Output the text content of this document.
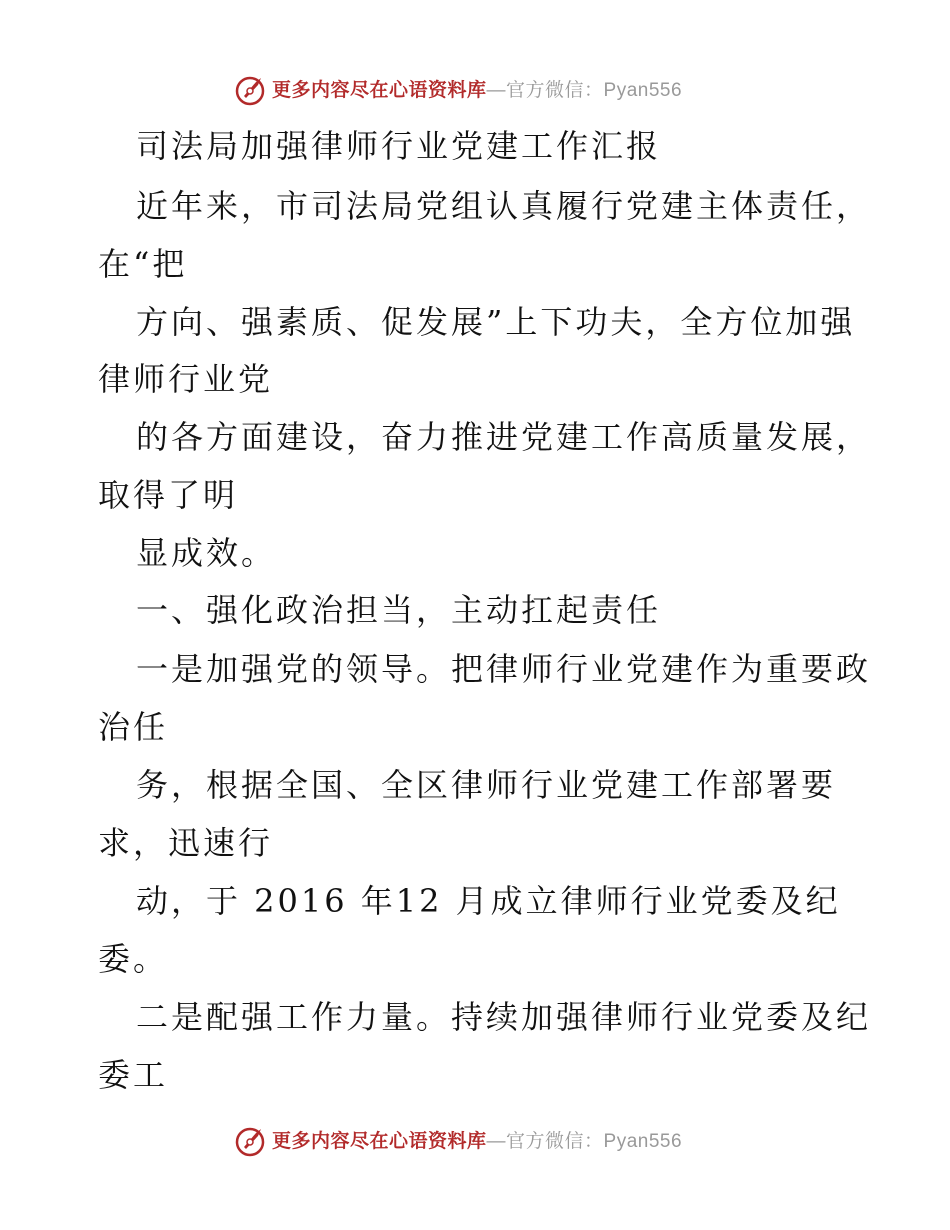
更多内容尽在心语资料库—官方微信：Pyan556
司法局加强律师行业党建工作汇报
近年来，市司法局党组认真履行党建主体责任，
在“把
方向、强素质、促发展”上下功夫，全方位加强
律师行业党
的各方面建设，奋力推进党建工作高质量发展，
取得了明
显成效。
一、强化政治担当，主动扛起责任
一是加强党的领导。把律师行业党建作为重要政
治任
务，根据全国、全区律师行业党建工作部署要
求，迅速行
动，于 2016 年12 月成立律师行业党委及纪
委。
二是配强工作力量。持续加强律师行业党委及纪
委工
更多内容尽在心语资料库—官方微信：Pyan556
